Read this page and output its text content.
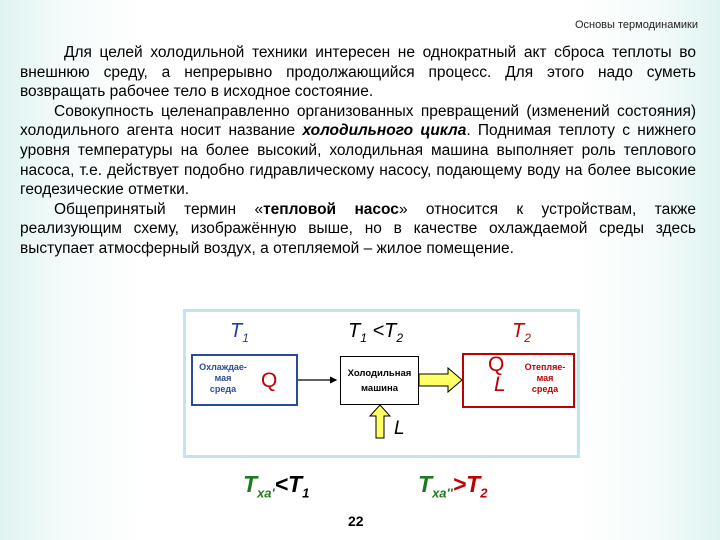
Основы термодинамики

Для целей холодильной техники интересен не однократный акт сброса теплоты во внешнюю среду, а непрерывно продолжающийся процесс. Для этого надо суметь возвращать рабочее тело в исходное состояние.

Совокупность целенаправленно организованных превращений (изменений состояния) холодильного агента носит название холодильного цикла. Поднимая теплоту с нижнего уровня температуры на более высокий, холодильная машина выполняет роль теплового насоса, т.е. действует подобно гидравлическому насосу, подающему воду на более высокие геодезические отметки.

Общепринятый термин «тепловой насос» относится к устройствам, также реализующим схему, изображённую выше, но в качестве охлаждаемой среды здесь выступает атмосферный воздух, а отепляемой – жилое помещение.

$T_1$	$T_1 <T_2$	$T_2$
Охлаждае-
мая
среда	Q	Холодильная
машина
Q
L
Отепляе-
мая
среда
L
$T_{xa'}<T_1$	$T_{xa''}>T_2$
22
